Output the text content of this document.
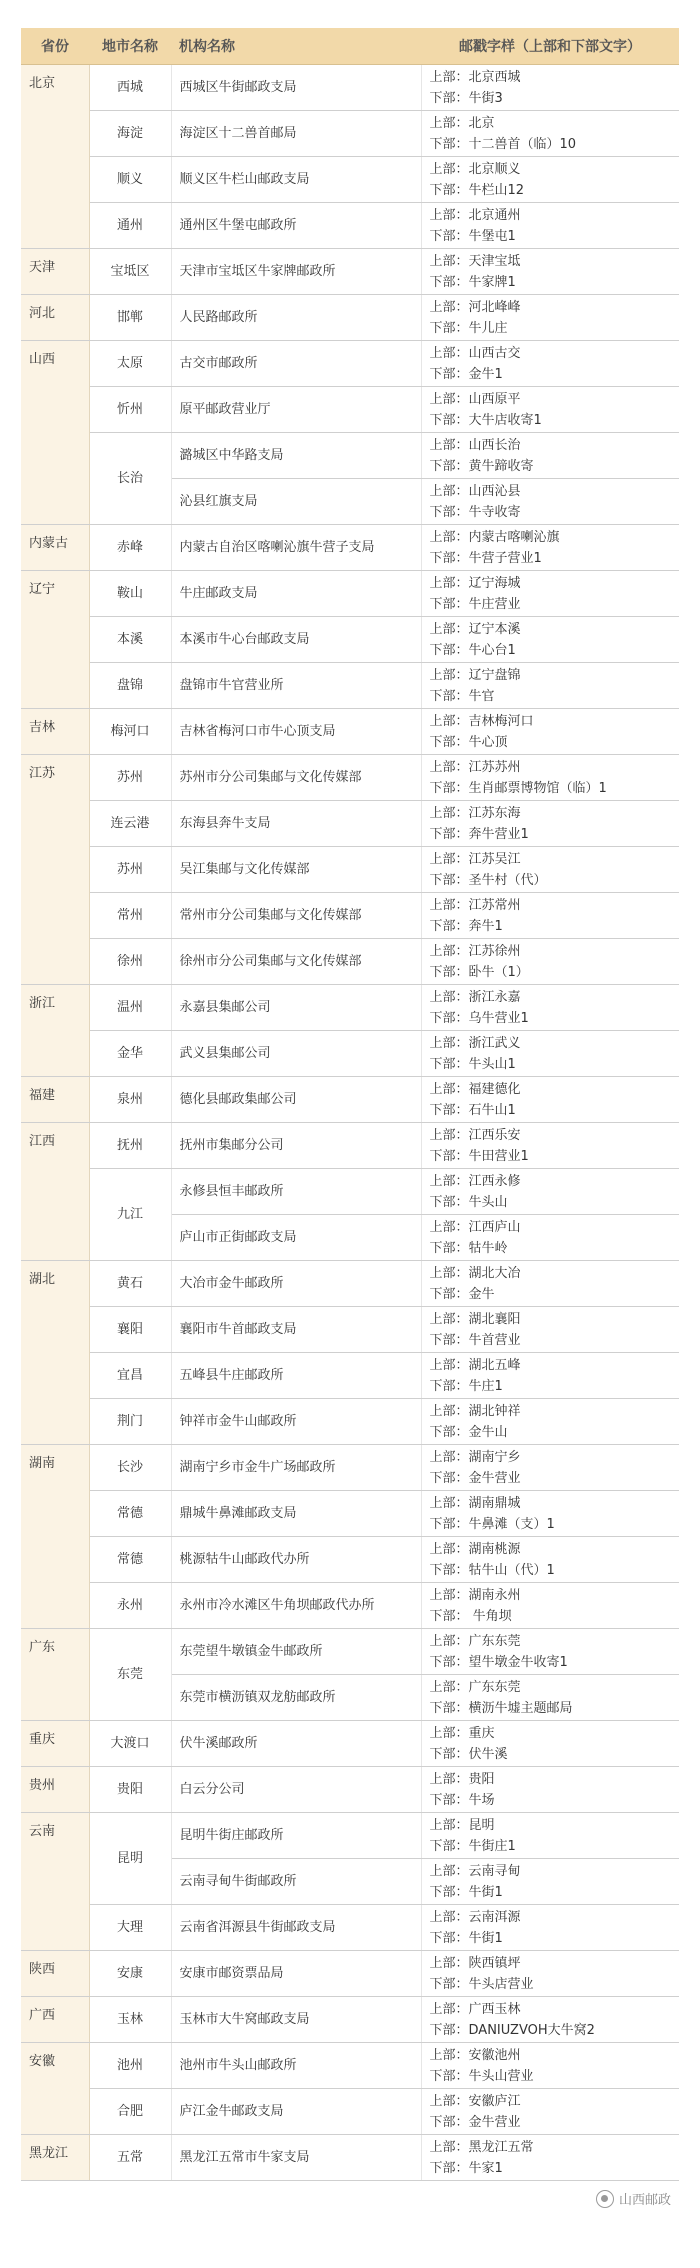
省份	地市名称	机构名称	邮戳字样（上部和下部文字）
北京	西城	西城区牛街邮政支局	上部：北京西城
下部：牛街3

	海淀	海淀区十二兽首邮局	上部：北京
下部：十二兽首（临）10

	顺义	顺义区牛栏山邮政支局	上部：北京顺义
下部：牛栏山12

	通州	通州区牛堡屯邮政所	上部：北京通州
下部：牛堡屯1

天津	宝坻区	天津市宝坻区牛家牌邮政所	上部：天津宝坻
下部：牛家牌1

河北	邯郸	人民路邮政所	上部：河北峰峰
下部：牛儿庄

山西	太原	古交市邮政所	上部：山西古交
下部：金牛1

	忻州	原平邮政营业厅	上部：山西原平
下部：大牛店收寄1

	长治	潞城区中华路支局	上部：山西长治
下部：黄牛蹄收寄

		沁县红旗支局	上部：山西沁县
下部：牛寺收寄

内蒙古	赤峰	内蒙古自治区喀喇沁旗牛营子支局	上部：内蒙古喀喇沁旗
下部：牛营子营业1

辽宁	鞍山	牛庄邮政支局	上部：辽宁海城
下部：牛庄营业

	本溪	本溪市牛心台邮政支局	上部：辽宁本溪
下部：牛心台1

	盘锦	盘锦市牛官营业所	上部：辽宁盘锦
下部：牛官

吉林	梅河口	吉林省梅河口市牛心顶支局	上部：吉林梅河口
下部：牛心顶

江苏	苏州	苏州市分公司集邮与文化传媒部	上部：江苏苏州
下部：生肖邮票博物馆（临）1

	连云港	东海县奔牛支局	上部：江苏东海
下部：奔牛营业1

	苏州	吴江集邮与文化传媒部	上部：江苏吴江
下部：圣牛村（代）

	常州	常州市分公司集邮与文化传媒部	上部：江苏常州
下部：奔牛1

	徐州	徐州市分公司集邮与文化传媒部	上部：江苏徐州
下部：卧牛（1）

浙江	温州	永嘉县集邮公司	上部：浙江永嘉
下部：乌牛营业1

	金华	武义县集邮公司	上部：浙江武义
下部：牛头山1

福建	泉州	德化县邮政集邮公司	上部：福建德化
下部：石牛山1

江西	抚州	抚州市集邮分公司	上部：江西乐安
下部：牛田营业1

	九江	永修县恒丰邮政所	上部：江西永修
下部：牛头山

		庐山市正街邮政支局	上部：江西庐山
下部：牯牛岭

湖北	黄石	大冶市金牛邮政所	上部：湖北大冶
下部：金牛

	襄阳	襄阳市牛首邮政支局	上部：湖北襄阳
下部：牛首营业

	宜昌	五峰县牛庄邮政所	上部：湖北五峰
下部：牛庄1

	荆门	钟祥市金牛山邮政所	上部：湖北钟祥
下部：金牛山

湖南	长沙	湖南宁乡市金牛广场邮政所	上部：湖南宁乡
下部：金牛营业

	常德	鼎城牛鼻滩邮政支局	上部：湖南鼎城
下部：牛鼻滩（支）1

	常德	桃源牯牛山邮政代办所	上部：湖南桃源
下部：牯牛山（代）1

	永州	永州市冷水滩区牛角坝邮政代办所	上部：湖南永州
下部： 牛角坝

广东	东莞	东莞望牛墩镇金牛邮政所	上部：广东东莞
下部：望牛墩金牛收寄1

		东莞市横沥镇双龙舫邮政所	上部：广东东莞
下部：横沥牛墟主题邮局

重庆	大渡口	伏牛溪邮政所	上部：重庆
下部：伏牛溪

贵州	贵阳	白云分公司	上部：贵阳
下部：牛场

云南	昆明	昆明牛街庄邮政所	上部：昆明
下部：牛街庄1

		云南寻甸牛街邮政所	上部：云南寻甸
下部：牛街1

	大理	云南省洱源县牛街邮政支局	上部：云南洱源
下部：牛街1

陕西	安康	安康市邮资票品局	上部：陕西镇坪
下部：牛头店营业

广西	玉林	玉林市大牛窝邮政支局	上部：广西玉林
下部：DANIUZVOH大牛窝2

安徽	池州	池州市牛头山邮政所	上部：安徽池州
下部：牛头山营业

	合肥	庐江金牛邮政支局	上部：安徽庐江
下部：金牛营业

黑龙江	五常	黑龙江五常市牛家支局	上部：黑龙江五常
下部：牛家1
山西邮政
